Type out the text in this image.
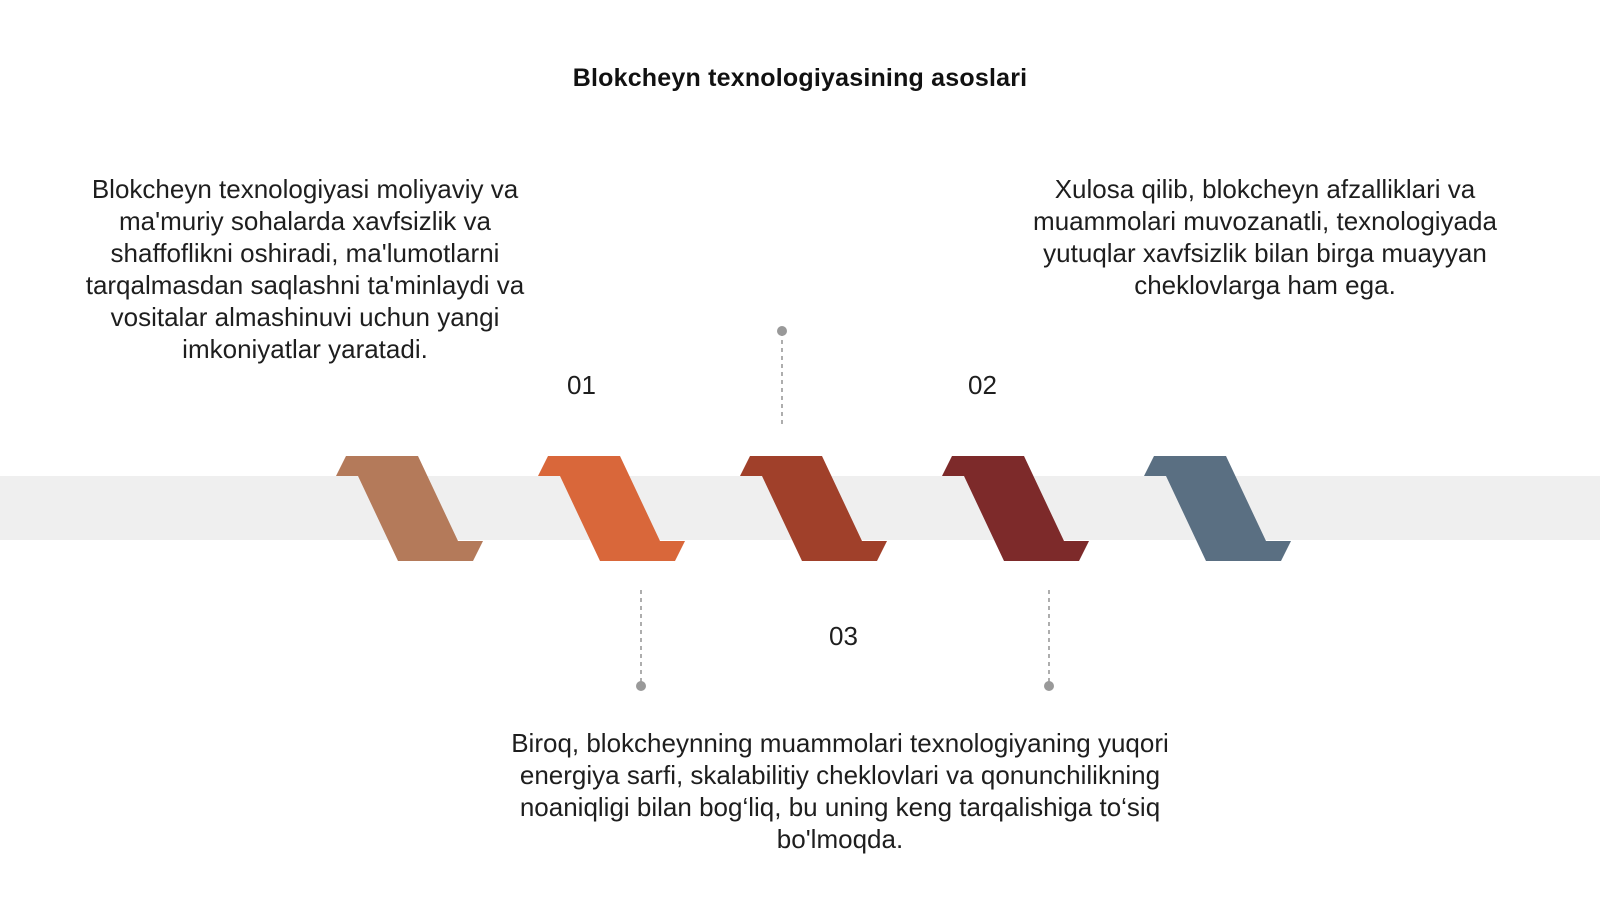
Blokcheyn texnologiyasining asoslari
Blokcheyn texnologiyasi moliyaviy va ma'muriy sohalarda xavfsizlik va shaffoflikni oshiradi, ma'lumotlarni tarqalmasdan saqlashni ta'minlaydi va vositalar almashinuvi uchun yangi imkoniyatlar yaratadi.
Xulosa qilib, blokcheyn afzalliklari va muammolari muvozanatli, texnologiyada yutuqlar xavfsizlik bilan birga muayyan cheklovlarga ham ega.
Biroq, blokcheynning muammolari texnologiyaning yuqori energiya sarfi, skalabilitiy cheklovlari va qonunchilikning noaniqligi bilan bog‘liq, bu uning keng tarqalishiga to‘siq bo'lmoqda.
01	02
03
